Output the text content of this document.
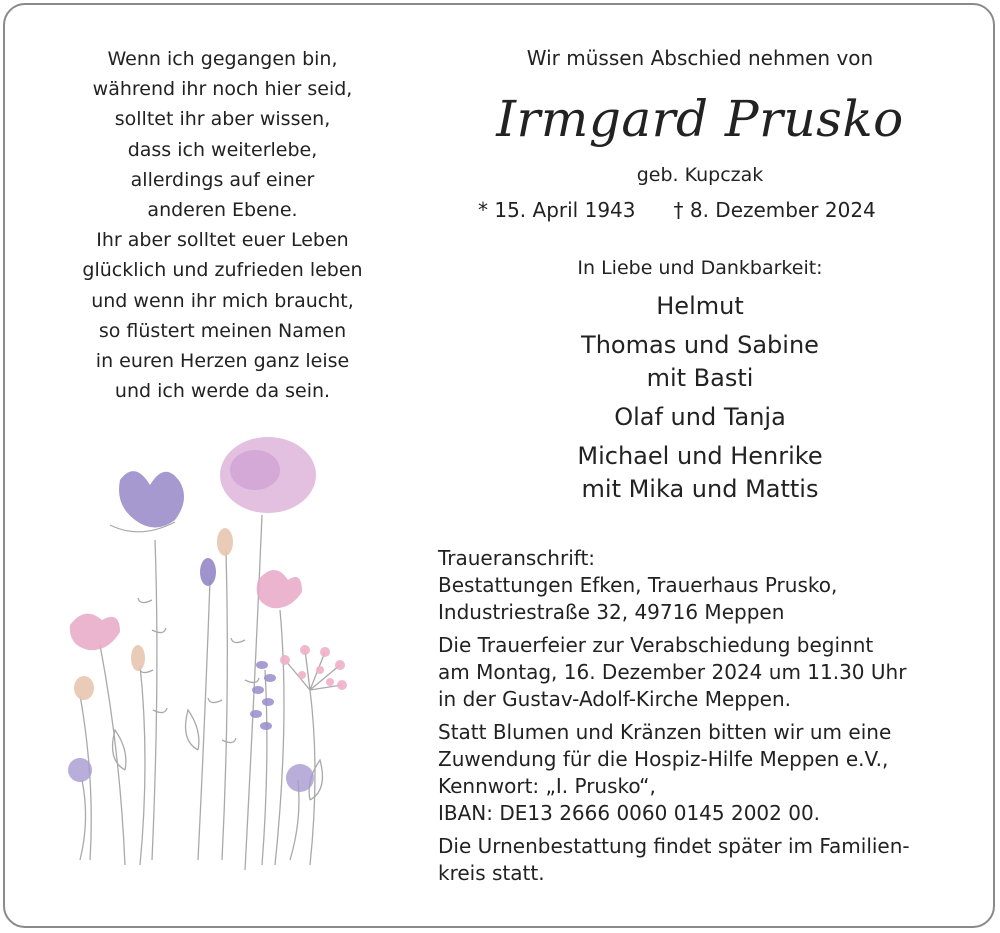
Wenn ich gegangen bin,
während ihr noch hier seid,
solltet ihr aber wissen,
dass ich weiterlebe,
allerdings auf einer
anderen Ebene.
Ihr aber solltet euer Leben
glücklich und zufrieden leben
und wenn ihr mich braucht,
so flüstert meinen Namen
in euren Herzen ganz leise
und ich werde da sein.
Wir müssen Abschied nehmen von
Irmgard Prusko
geb. Kupczak
* 15. April 1943 † 8. Dezember 2024
In Liebe und Dankbarkeit:
Helmut
Thomas und Sabine
mit Basti
Olaf und Tanja
Michael und Henrike
mit Mika und Mattis
Traueranschrift:
Bestattungen Efken, Trauerhaus Prusko,
Industriestraße 32, 49716 Meppen
Die Trauerfeier zur Verabschiedung beginnt
am Montag, 16. Dezember 2024 um 11.30 Uhr
in der Gustav-Adolf-Kirche Meppen.
Statt Blumen und Kränzen bitten wir um eine
Zuwendung für die Hospiz-Hilfe Meppen e.V.,
Kennwort: „I. Prusko“,
IBAN: DE13 2666 0060 0145 2002 00.
Die Urnenbestattung findet später im Familien-
kreis statt.
